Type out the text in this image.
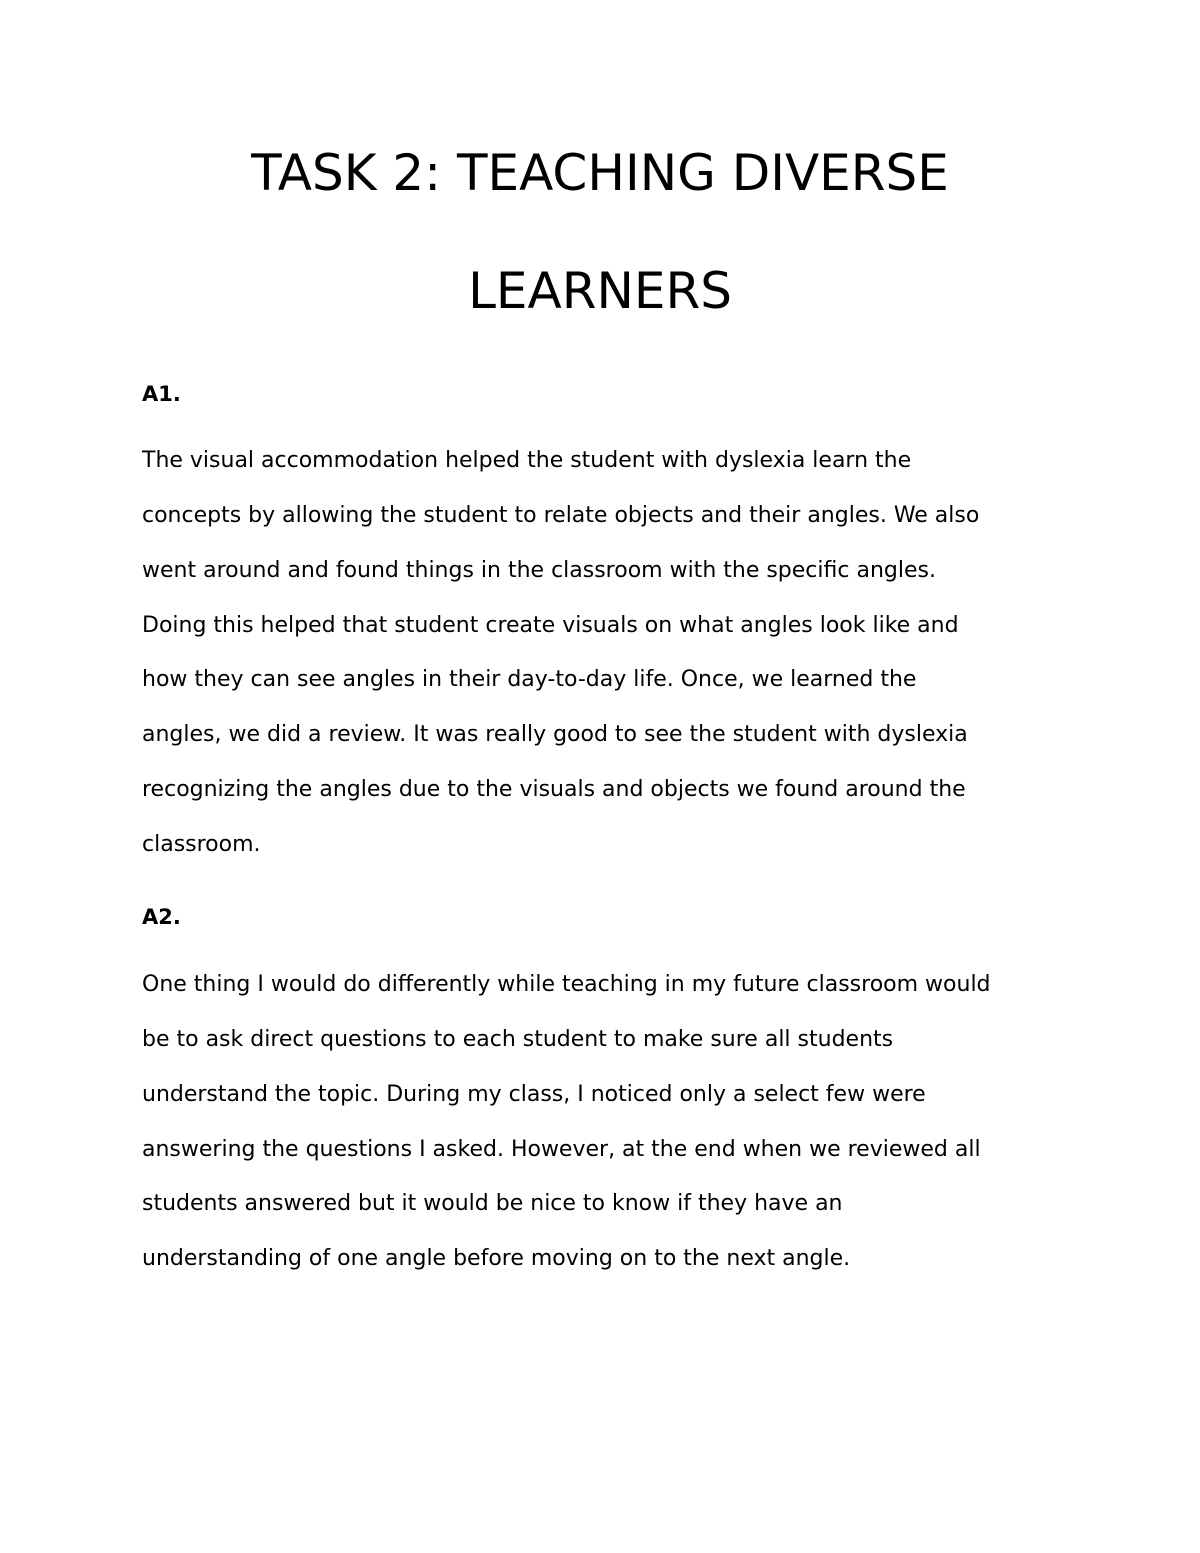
TASK 2: TEACHING DIVERSE
LEARNERS
A1.

The visual accommodation helped the student with dyslexia learn the

concepts by allowing the student to relate objects and their angles. We also

went around and found things in the classroom with the specific angles.

Doing this helped that student create visuals on what angles look like and

how they can see angles in their day-to-day life. Once, we learned the

angles, we did a review. It was really good to see the student with dyslexia

recognizing the angles due to the visuals and objects we found around the

classroom.

A2.

One thing I would do differently while teaching in my future classroom would

be to ask direct questions to each student to make sure all students

understand the topic. During my class, I noticed only a select few were

answering the questions I asked. However, at the end when we reviewed all

students answered but it would be nice to know if they have an

understanding of one angle before moving on to the next angle.
